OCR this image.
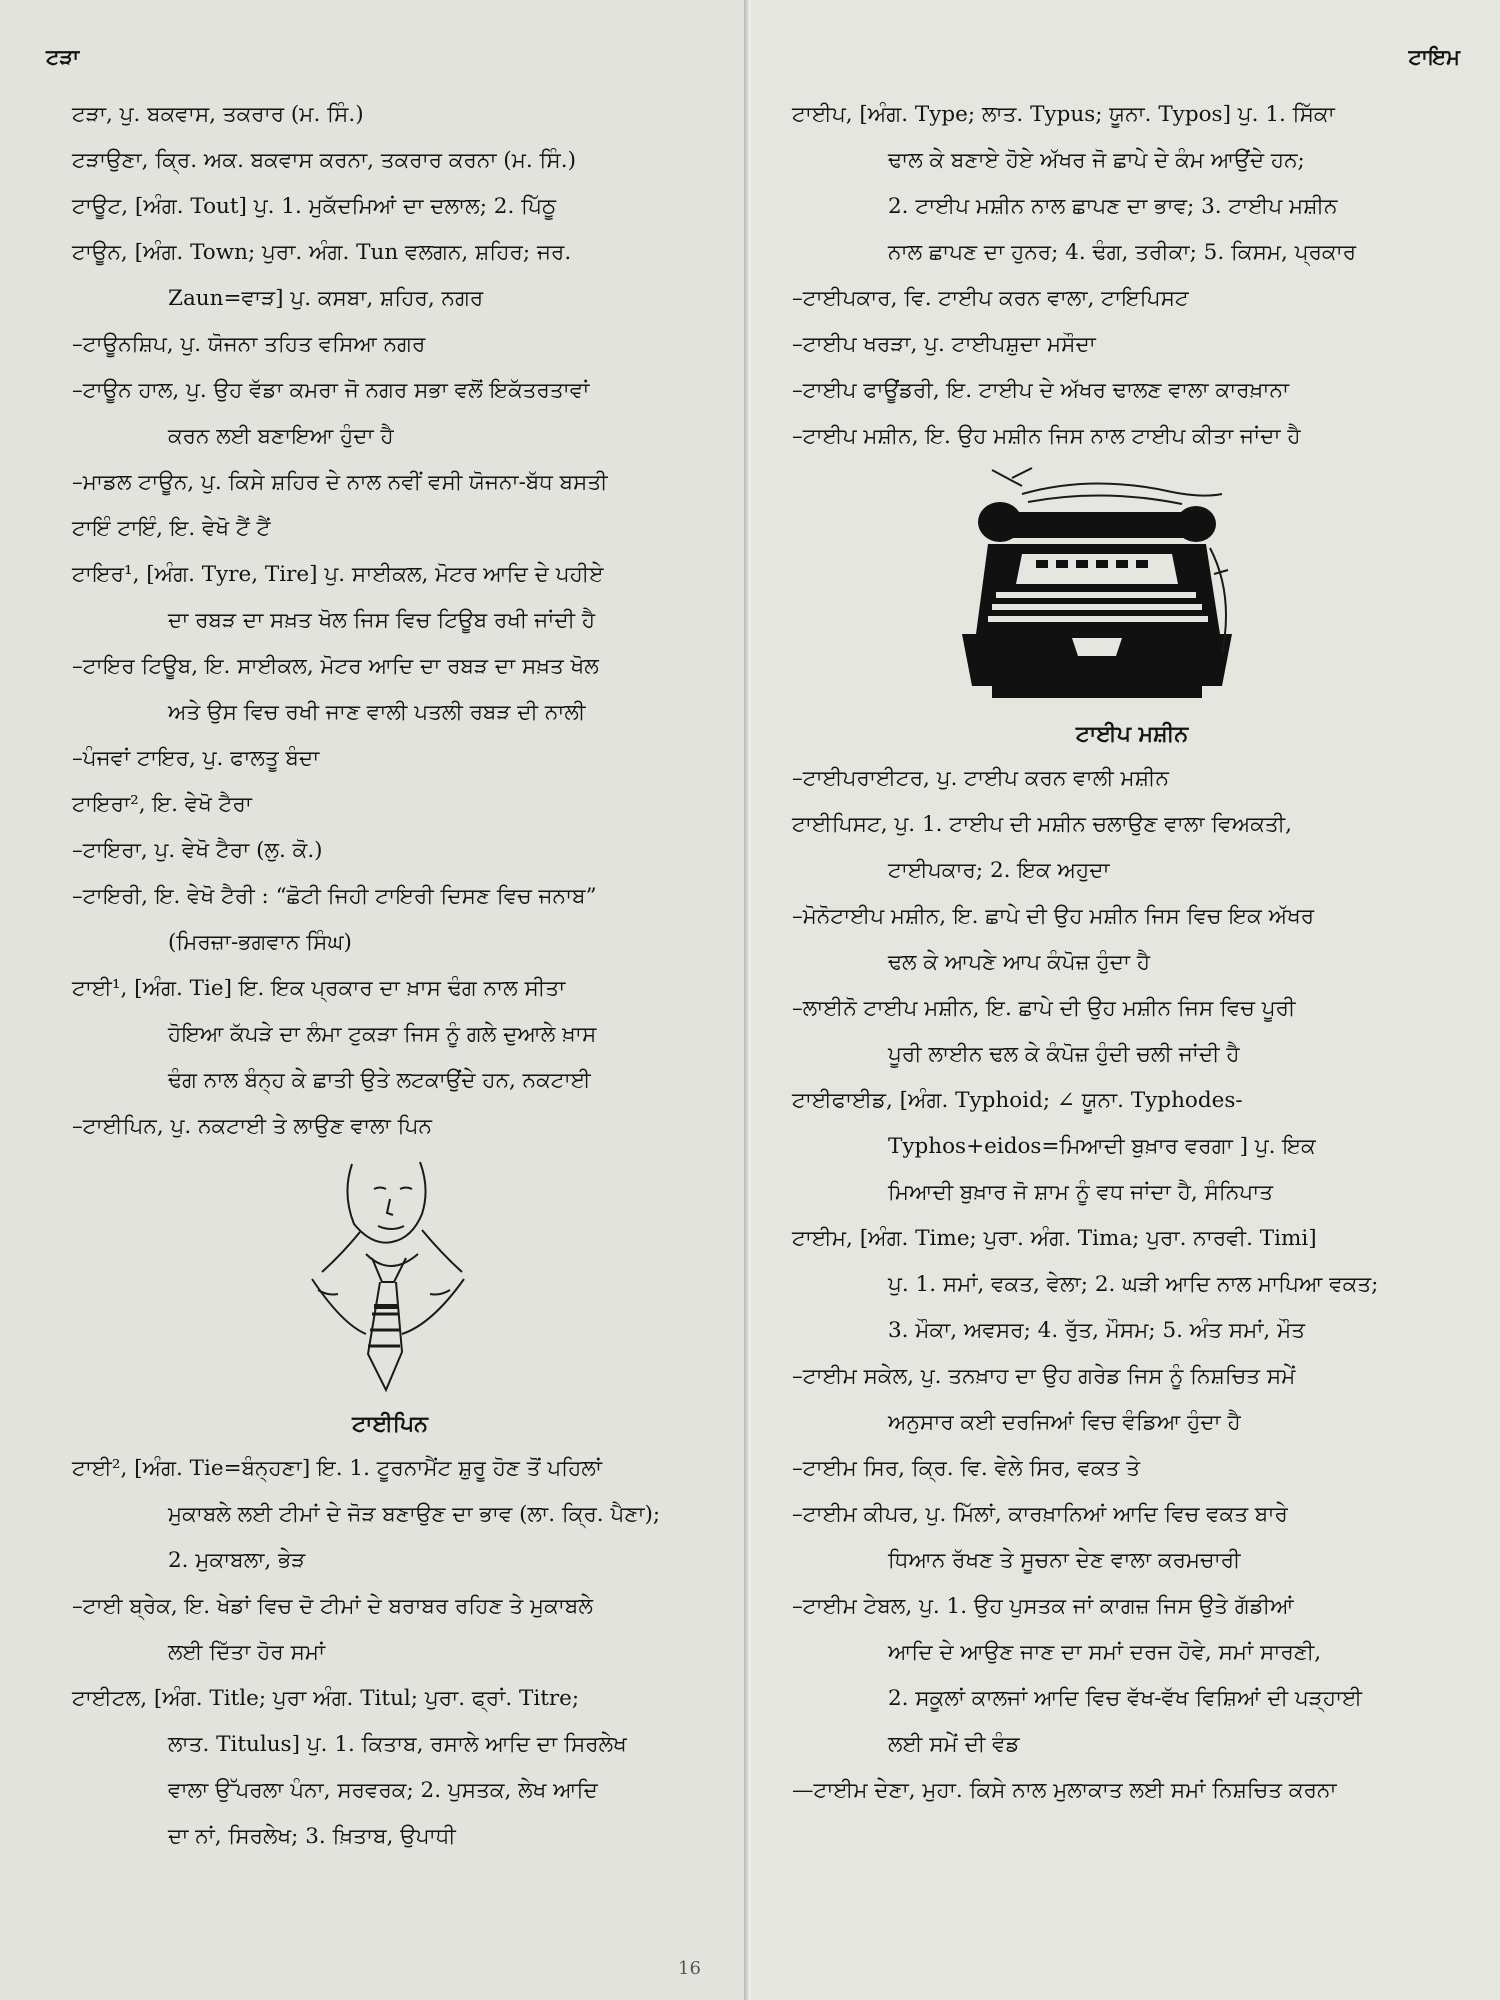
ਟੜਾ

ਟੜਾ, ਪੁ. ਬਕਵਾਸ, ਤਕਰਾਰ (ਮ. ਸਿੰ.)

ਟੜਾਉਣਾ, ਕ੍ਰਿ. ਅਕ. ਬਕਵਾਸ ਕਰਨਾ, ਤਕਰਾਰ ਕਰਨਾ (ਮ. ਸਿੰ.)

ਟਾਊਟ, [ਅੰਗ. Tout] ਪੁ. 1. ਮੁਕੱਦਮਿਆਂ ਦਾ ਦਲਾਲ; 2. ਪਿੱਠੂ

ਟਾਊਨ, [ਅੰਗ. Town; ਪੁਰਾ. ਅੰਗ. Tun ਵਲਗਨ, ਸ਼ਹਿਰ; ਜਰ.
Zaun=ਵਾੜ] ਪੁ. ਕਸਬਾ, ਸ਼ਹਿਰ, ਨਗਰ

–ਟਾਊਨਸ਼ਿਪ, ਪੁ. ਯੋਜਨਾ ਤਹਿਤ ਵਸਿਆ ਨਗਰ

–ਟਾਊਨ ਹਾਲ, ਪੁ. ਉਹ ਵੱਡਾ ਕਮਰਾ ਜੋ ਨਗਰ ਸਭਾ ਵਲੋਂ ਇਕੱਤਰਤਾਵਾਂ
ਕਰਨ ਲਈ ਬਣਾਇਆ ਹੁੰਦਾ ਹੈ

–ਮਾਡਲ ਟਾਊਨ, ਪੁ. ਕਿਸੇ ਸ਼ਹਿਰ ਦੇ ਨਾਲ ਨਵੀਂ ਵਸੀ ਯੋਜਨਾ-ਬੱਧ ਬਸਤੀ

ਟਾਇੰ ਟਾਇੰ, ਇ. ਵੇਖੋ ਟੈਂ ਟੈਂ

ਟਾਇਰ¹, [ਅੰਗ. Tyre, Tire] ਪੁ. ਸਾਈਕਲ, ਮੋਟਰ ਆਦਿ ਦੇ ਪਹੀਏ
ਦਾ ਰਬੜ ਦਾ ਸਖ਼ਤ ਖੋਲ ਜਿਸ ਵਿਚ ਟਿਊਬ ਰਖੀ ਜਾਂਦੀ ਹੈ

–ਟਾਇਰ ਟਿਊਬ, ਇ. ਸਾਈਕਲ, ਮੋਟਰ ਆਦਿ ਦਾ ਰਬੜ ਦਾ ਸਖ਼ਤ ਖੋਲ
ਅਤੇ ਉਸ ਵਿਚ ਰਖੀ ਜਾਣ ਵਾਲੀ ਪਤਲੀ ਰਬੜ ਦੀ ਨਾਲੀ

–ਪੰਜਵਾਂ ਟਾਇਰ, ਪੁ. ਫਾਲਤੂ ਬੰਦਾ

ਟਾਇਰਾ², ਇ. ਵੇਖੋ ਟੈਰਾ

–ਟਾਇਰਾ, ਪੁ. ਵੇਖੋ ਟੈਰਾ (ਲੁ. ਕੋ.)

–ਟਾਇਰੀ, ਇ. ਵੇਖੋ ਟੈਰੀ : “ਛੋਟੀ ਜਿਹੀ ਟਾਇਰੀ ਦਿਸਣ ਵਿਚ ਜਨਾਬ”
(ਮਿਰਜ਼ਾ-ਭਗਵਾਨ ਸਿੰਘ)

ਟਾਈ¹, [ਅੰਗ. Tie] ਇ. ਇਕ ਪ੍ਰਕਾਰ ਦਾ ਖ਼ਾਸ ਢੰਗ ਨਾਲ ਸੀਤਾ
ਹੋਇਆ ਕੱਪੜੇ ਦਾ ਲੰਮਾ ਟੁਕੜਾ ਜਿਸ ਨੂੰ ਗਲੇ ਦੁਆਲੇ ਖ਼ਾਸ
ਢੰਗ ਨਾਲ ਬੰਨ੍ਹ ਕੇ ਛਾਤੀ ਉਤੇ ਲਟਕਾਉਂਦੇ ਹਨ, ਨਕਟਾਈ

–ਟਾਈਪਿਨ, ਪੁ. ਨਕਟਾਈ ਤੇ ਲਾਉਣ ਵਾਲਾ ਪਿਨ

ਟਾਈਪਿਨ

ਟਾਈ², [ਅੰਗ. Tie=ਬੰਨ੍ਹਣਾ] ਇ. 1. ਟੂਰਨਾਮੈਂਟ ਸ਼ੁਰੂ ਹੋਣ ਤੋਂ ਪਹਿਲਾਂ
ਮੁਕਾਬਲੇ ਲਈ ਟੀਮਾਂ ਦੇ ਜੋੜ ਬਣਾਉਣ ਦਾ ਭਾਵ (ਲਾ. ਕ੍ਰਿ. ਪੈਣਾ);
2. ਮੁਕਾਬਲਾ, ਭੇੜ

–ਟਾਈ ਬ੍ਰੇਕ, ਇ. ਖੇਡਾਂ ਵਿਚ ਦੋ ਟੀਮਾਂ ਦੇ ਬਰਾਬਰ ਰਹਿਣ ਤੇ ਮੁਕਾਬਲੇ
ਲਈ ਦਿੱਤਾ ਹੋਰ ਸਮਾਂ

ਟਾਈਟਲ, [ਅੰਗ. Title; ਪੁਰਾ ਅੰਗ. Titul; ਪੁਰਾ. ਫ੍ਰਾਂ. Titre;
ਲਾਤ. Titulus] ਪੁ. 1. ਕਿਤਾਬ, ਰਸਾਲੇ ਆਦਿ ਦਾ ਸਿਰਲੇਖ
ਵਾਲਾ ਉੱਪਰਲਾ ਪੰਨਾ, ਸਰਵਰਕ; 2. ਪੁਸਤਕ, ਲੇਖ ਆਦਿ
ਦਾ ਨਾਂ, ਸਿਰਲੇਖ; 3. ਖ਼ਿਤਾਬ, ਉਪਾਧੀ

16
ਟਾਇਮ

ਟਾਈਪ, [ਅੰਗ. Type; ਲਾਤ. Typus; ਯੂਨਾ. Typos] ਪੁ. 1. ਸਿੱਕਾ
ਢਾਲ ਕੇ ਬਣਾਏ ਹੋਏ ਅੱਖਰ ਜੋ ਛਾਪੇ ਦੇ ਕੰਮ ਆਉਂਦੇ ਹਨ;
2. ਟਾਈਪ ਮਸ਼ੀਨ ਨਾਲ ਛਾਪਣ ਦਾ ਭਾਵ; 3. ਟਾਈਪ ਮਸ਼ੀਨ
ਨਾਲ ਛਾਪਣ ਦਾ ਹੁਨਰ; 4. ਢੰਗ, ਤਰੀਕਾ; 5. ਕਿਸਮ, ਪ੍ਰਕਾਰ

–ਟਾਈਪਕਾਰ, ਵਿ. ਟਾਈਪ ਕਰਨ ਵਾਲਾ, ਟਾਇਪਿਸਟ

–ਟਾਈਪ ਖਰੜਾ, ਪੁ. ਟਾਈਪਸ਼ੁਦਾ ਮਸੌਦਾ

–ਟਾਈਪ ਫਾਊਂਡਰੀ, ਇ. ਟਾਈਪ ਦੇ ਅੱਖਰ ਢਾਲਣ ਵਾਲਾ ਕਾਰਖ਼ਾਨਾ

–ਟਾਈਪ ਮਸ਼ੀਨ, ਇ. ਉਹ ਮਸ਼ੀਨ ਜਿਸ ਨਾਲ ਟਾਈਪ ਕੀਤਾ ਜਾਂਦਾ ਹੈ

ਟਾਈਪ ਮਸ਼ੀਨ

–ਟਾਈਪਰਾਈਟਰ, ਪੁ. ਟਾਈਪ ਕਰਨ ਵਾਲੀ ਮਸ਼ੀਨ

ਟਾਈਪਿਸਟ, ਪੁ. 1. ਟਾਈਪ ਦੀ ਮਸ਼ੀਨ ਚਲਾਉਣ ਵਾਲਾ ਵਿਅਕਤੀ,
ਟਾਈਪਕਾਰ; 2. ਇਕ ਅਹੁਦਾ

–ਮੋਨੋਟਾਈਪ ਮਸ਼ੀਨ, ਇ. ਛਾਪੇ ਦੀ ਉਹ ਮਸ਼ੀਨ ਜਿਸ ਵਿਚ ਇਕ ਅੱਖਰ
ਢਲ ਕੇ ਆਪਣੇ ਆਪ ਕੰਪੋਜ਼ ਹੁੰਦਾ ਹੈ

–ਲਾਈਨੋ ਟਾਈਪ ਮਸ਼ੀਨ, ਇ. ਛਾਪੇ ਦੀ ਉਹ ਮਸ਼ੀਨ ਜਿਸ ਵਿਚ ਪੂਰੀ
ਪੂਰੀ ਲਾਈਨ ਢਲ ਕੇ ਕੰਪੋਜ਼ ਹੁੰਦੀ ਚਲੀ ਜਾਂਦੀ ਹੈ

ਟਾਈਫਾਈਡ, [ਅੰਗ. Typhoid; ∠ ਯੂਨਾ. Typhodes-
Typhos+eidos=ਮਿਆਦੀ ਬੁਖ਼ਾਰ ਵਰਗਾ ] ਪੁ. ਇਕ
ਮਿਆਦੀ ਬੁਖ਼ਾਰ ਜੋ ਸ਼ਾਮ ਨੂੰ ਵਧ ਜਾਂਦਾ ਹੈ, ਸੰਨਿਪਾਤ

ਟਾਈਮ, [ਅੰਗ. Time; ਪੁਰਾ. ਅੰਗ. Tima; ਪੁਰਾ. ਨਾਰਵੀ. Timi]
ਪੁ. 1. ਸਮਾਂ, ਵਕਤ, ਵੇਲਾ; 2. ਘੜੀ ਆਦਿ ਨਾਲ ਮਾਪਿਆ ਵਕਤ;
3. ਮੌਕਾ, ਅਵਸਰ; 4. ਰੁੱਤ, ਮੌਸਮ; 5. ਅੰਤ ਸਮਾਂ, ਮੌਤ

–ਟਾਈਮ ਸਕੇਲ, ਪੁ. ਤਨਖ਼ਾਹ ਦਾ ਉਹ ਗਰੇਡ ਜਿਸ ਨੂੰ ਨਿਸ਼ਚਿਤ ਸਮੇਂ
ਅਨੁਸਾਰ ਕਈ ਦਰਜਿਆਂ ਵਿਚ ਵੰਡਿਆ ਹੁੰਦਾ ਹੈ

–ਟਾਈਮ ਸਿਰ, ਕ੍ਰਿ. ਵਿ. ਵੇਲੇ ਸਿਰ, ਵਕਤ ਤੇ

–ਟਾਈਮ ਕੀਪਰ, ਪੁ. ਮਿੱਲਾਂ, ਕਾਰਖ਼ਾਨਿਆਂ ਆਦਿ ਵਿਚ ਵਕਤ ਬਾਰੇ
ਧਿਆਨ ਰੱਖਣ ਤੇ ਸੂਚਨਾ ਦੇਣ ਵਾਲਾ ਕਰਮਚਾਰੀ

–ਟਾਈਮ ਟੇਬਲ, ਪੁ. 1. ਉਹ ਪੁਸਤਕ ਜਾਂ ਕਾਗਜ਼ ਜਿਸ ਉਤੇ ਗੱਡੀਆਂ
ਆਦਿ ਦੇ ਆਉਣ ਜਾਣ ਦਾ ਸਮਾਂ ਦਰਜ ਹੋਵੇ, ਸਮਾਂ ਸਾਰਣੀ,
2. ਸਕੂਲਾਂ ਕਾਲਜਾਂ ਆਦਿ ਵਿਚ ਵੱਖ-ਵੱਖ ਵਿਸ਼ਿਆਂ ਦੀ ਪੜ੍ਹਾਈ
ਲਈ ਸਮੇਂ ਦੀ ਵੰਡ

—ਟਾਈਮ ਦੇਣਾ, ਮੁਹਾ. ਕਿਸੇ ਨਾਲ ਮੁਲਾਕਾਤ ਲਈ ਸਮਾਂ ਨਿਸ਼ਚਿਤ ਕਰਨਾ
